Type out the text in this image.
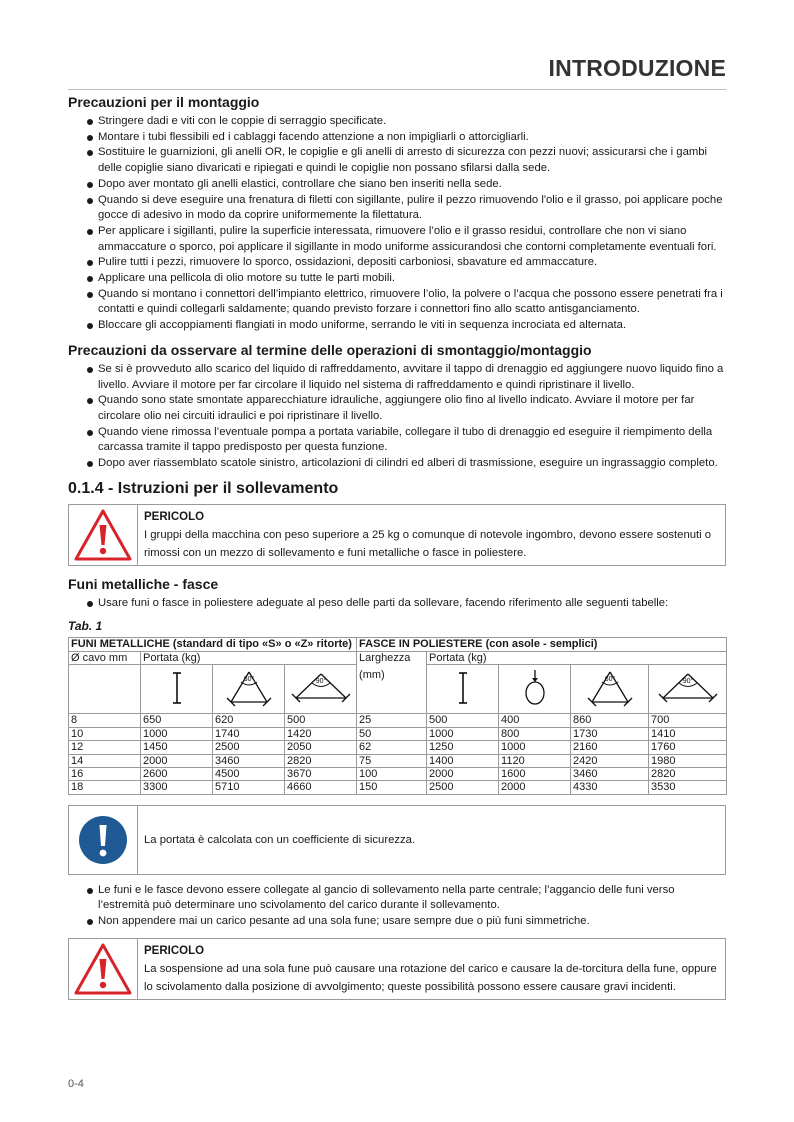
INTRODUZIONE
Precauzioni per il montaggio
Stringere dadi e viti con le coppie di serraggio specificate.
Montare i tubi flessibili ed i cablaggi facendo attenzione a non impigliarli o attorcigliarli.
Sostituire le guarnizioni, gli anelli OR, le copiglie e gli anelli di arresto di sicurezza con pezzi nuovi; assicurarsi che i gambi delle copiglie siano divaricati e ripiegati e quindi le copiglie non possano sfilarsi dalla sede.
Dopo aver montato gli anelli elastici, controllare che siano ben inseriti nella sede.
Quando si deve eseguire una frenatura di filetti con sigillante, pulire il pezzo rimuovendo l'olio e il grasso, poi applicare poche gocce di adesivo in modo da coprire uniformemente la filettatura.
Per applicare i sigillanti, pulire la superficie interessata, rimuovere l’olio e il grasso residui, controllare che non vi siano ammaccature o sporco, poi applicare il sigillante in modo uniforme assicurandosi che contorni completamente eventuali fori.
Pulire tutti i pezzi, rimuovere lo sporco, ossidazioni, depositi carboniosi, sbavature ed ammaccature.
Applicare una pellicola di olio motore su tutte le parti mobili.
Quando si montano i connettori dell’impianto elettrico, rimuovere l’olio, la polvere o l’acqua che possono essere penetrati fra i contatti e quindi collegarli saldamente; quando previsto forzare i connettori fino allo scatto antisganciamento.
Bloccare gli accoppiamenti flangiati in modo uniforme, serrando le viti in sequenza incrociata ed alternata.
Precauzioni da osservare al termine delle operazioni di smontaggio/montaggio
Se si è provveduto allo scarico del liquido di raffreddamento, avvitare il tappo di drenaggio ed aggiungere nuovo liquido fino a livello. Avviare il motore per far circolare il liquido nel sistema di raffreddamento e quindi ripristinare il livello.
Quando sono state smontate apparecchiature idrauliche, aggiungere olio fino al livello indicato. Avviare il motore per far circolare olio nei circuiti idraulici e poi ripristinare il livello.
Quando viene rimossa l’eventuale pompa a portata variabile, collegare il tubo di drenaggio ed eseguire il riempimento della carcassa tramite il tappo predisposto per questa funzione.
Dopo aver riassemblato scatole sinistro, articolazioni di cilindri ed alberi di trasmissione, eseguire un ingrassaggio completo.
0.1.4 - Istruzioni per il sollevamento
PERICOLO
I gruppi della macchina con peso superiore a 25 kg o comunque di notevole ingombro, devono essere sostenuti o rimossi con un mezzo di sollevamento e funi metalliche o fasce in poliestere.
Funi metalliche - fasce
Usare funi o fasce in poliestere adeguate al peso delle parti da sollevare, facendo riferimento alle seguenti tabelle:
Tab. 1
FUNI METALLICHE (standard di tipo «S» o «Z» ritorte)				FASCE IN POLIESTERE (con asole - semplici)				
Ø cavo mm	Portata (kg)			Larghezza
(mm)	Portata (kg)			

60°	90°				60°	90°

8	650	620	500	25	500	400	860	700
10	1000	1740	1420	50	1000	800	1730	1410
12	1450	2500	2050	62	1250	1000	2160	1760
14	2000	3460	2820	75	1400	1120	2420	1980
16	2600	4500	3670	100	2000	1600	3460	2820
18	3300	5710	4660	150	2500	2000	4330	3530
La portata è calcolata con un coefficiente di sicurezza.
Le funi e le fasce devono essere collegate al gancio di sollevamento nella parte centrale; l’aggancio delle funi verso l’estremità può determinare uno scivolamento del carico durante il sollevamento.
Non appendere mai un carico pesante ad una sola fune; usare sempre due o più funi simmetriche.
PERICOLO
La sospensione ad una sola fune può causare una rotazione del carico e causare la de-torcitura della fune, oppure lo scivolamento dalla posizione di avvolgimento; queste possibilità possono essere causare gravi incidenti.
0-4
